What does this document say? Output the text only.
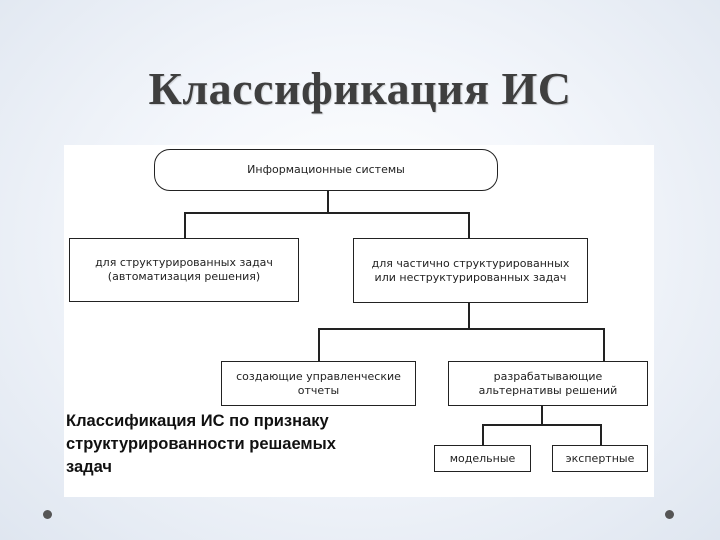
Классификация ИС
Информационные системы
для структурированных задач
(автоматизация решения)
для частично структурированных
или неструктурированных задач
создающие управленческие
отчеты
разрабатывающие
альтернативы решений
модельные	экспертные
Классификация ИС по признаку
структурированности решаемых
задач
